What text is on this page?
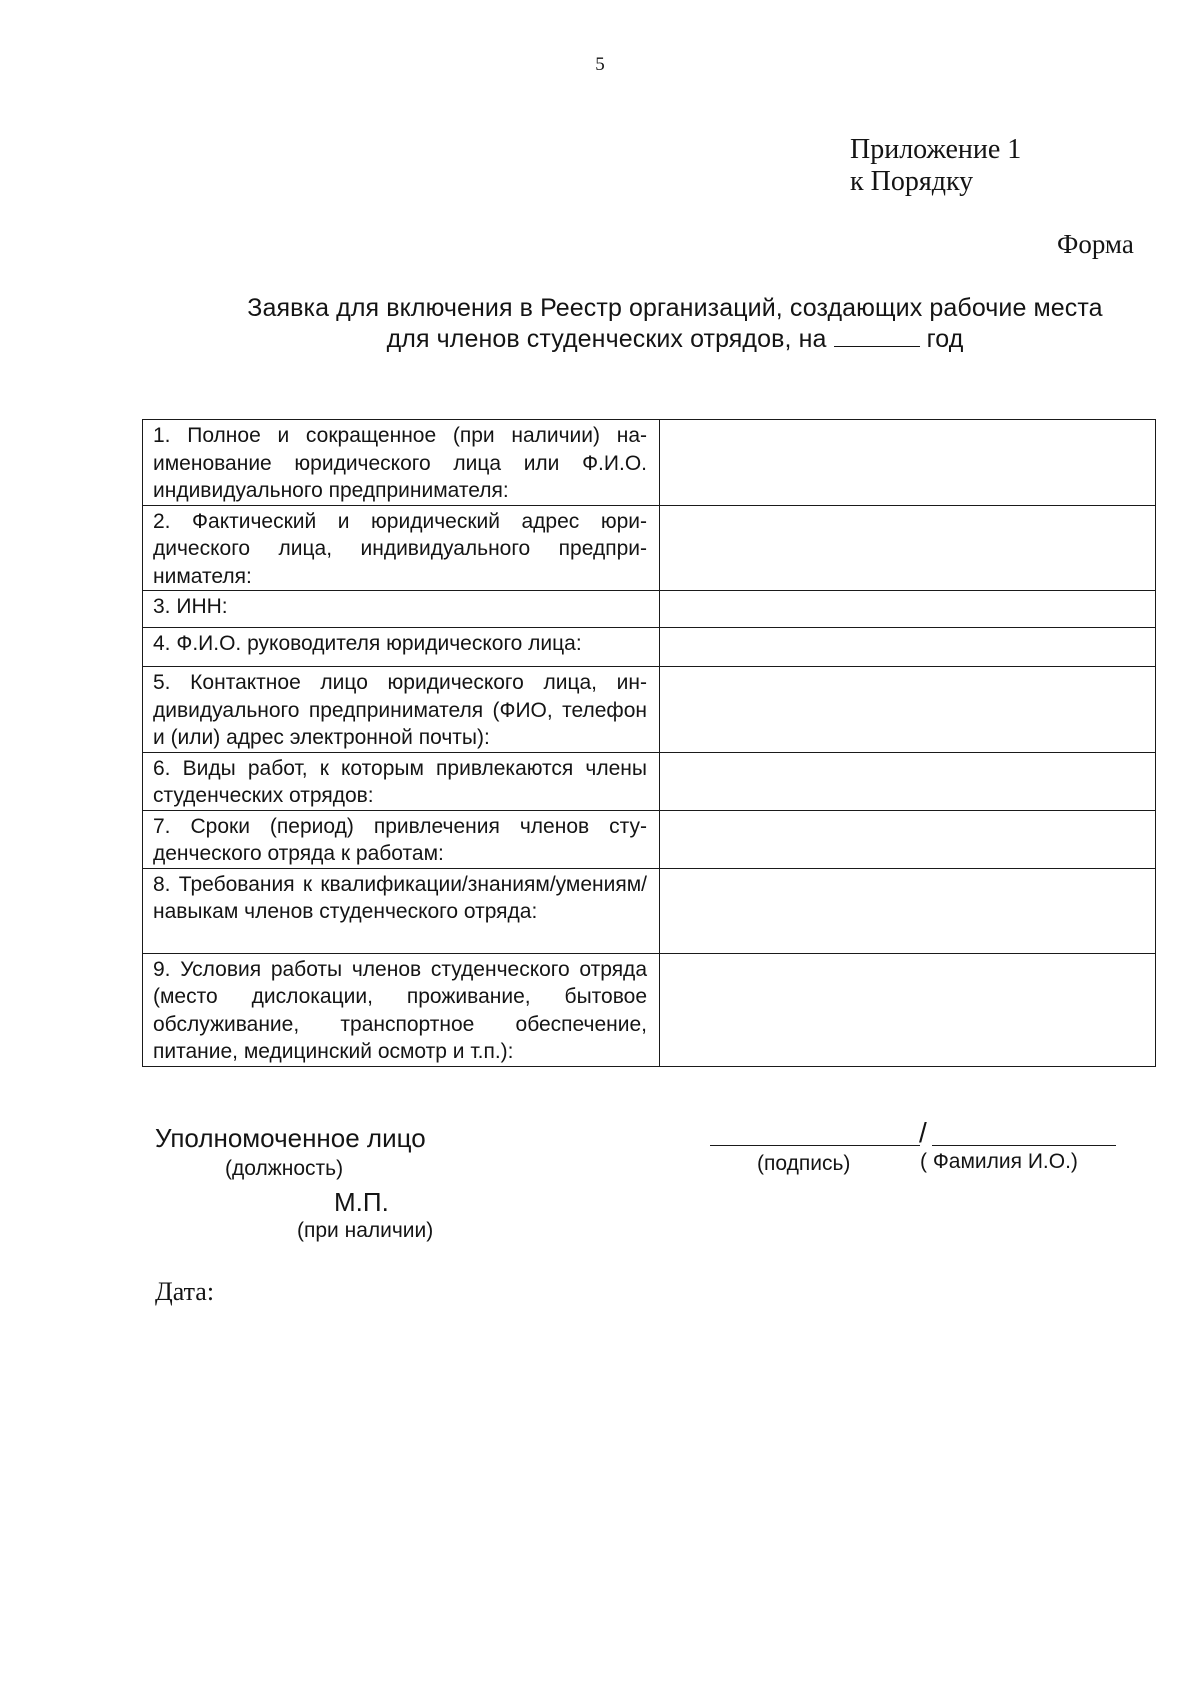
5
Приложение 1
к Порядку
Форма
Заявка для включения в Реестр организаций, создающих рабочие места
для членов студенческих отрядов, на	год
1. Полное и сокращенное (при наличии) наименование юридического лица или Ф.И.О. индивидуального предпринимателя:	
2. Фактический и юридический адрес юридического лица, индивидуального предпринимателя:	
3. ИНН:	
4. Ф.И.О. руководителя юридического лица:	
5. Контактное лицо юридического лица, индивидуального предпринимателя (ФИО, телефон и (или) адрес электронной почты):	
6. Виды работ, к которым привлекаются члены студенческих отрядов:	
7. Сроки (период) привлечения членов студенческого отряда к работам:	
8. Требования к квалификации/знаниям/умениям/навыкам членов студенческого отряда:	
9. Условия работы членов студенческого отряда (место дислокации, проживание, бытовое обслуживание, транспортное обеспечение, питание, медицинский осмотр и т.п.):	
Уполномоченное лицо
(должность)
М.П.
(при наличии)
/
(подпись)	( Фамилия И.О.)
Дата:
